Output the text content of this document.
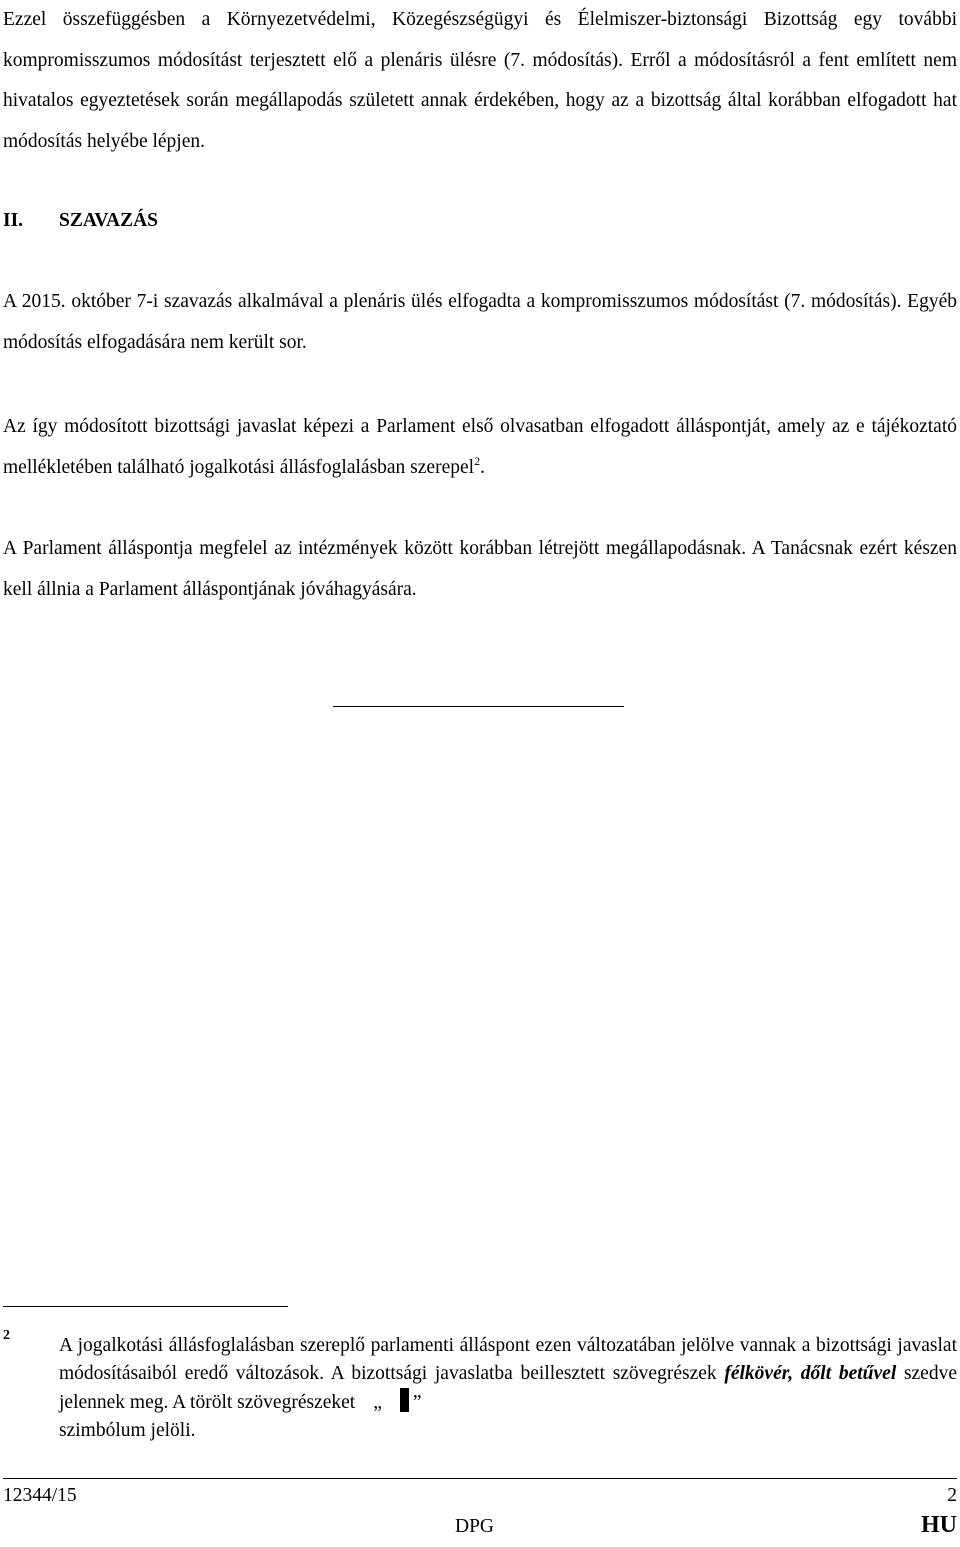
Ezzel összefüggésben a Környezetvédelmi, Közegészségügyi és Élelmiszer-biztonsági Bizottság egy további kompromisszumos módosítást terjesztett elő a plenáris ülésre (7. módosítás). Erről a módosításról a fent említett nem hivatalos egyeztetések során megállapodás született annak érdekében, hogy az a bizottság által korábban elfogadott hat módosítás helyébe lépjen.

II. SZAVAZÁS

A 2015. október 7-i szavazás alkalmával a plenáris ülés elfogadta a kompromisszumos módosítást (7. módosítás). Egyéb módosítás elfogadására nem került sor.

Az így módosított bizottsági javaslat képezi a Parlament első olvasatban elfogadott álláspontját, amely az e tájékoztató mellékletében található jogalkotási állásfoglalásban szerepel$^2$.

A Parlament álláspontja megfelel az intézmények között korábban létrejött megállapodásnak. A Tanácsnak ezért készen kell állnia a Parlament álláspontjának jóváhagyására.

2	A jogalkotási állásfoglalásban szereplő parlamenti álláspont ezen változatában jelölve vannak a bizottsági javaslat módosításaiból eredő változások. A bizottsági javaslatba beillesztett szövegrészek félkövér, dőlt betűvel szedve jelennek meg. A törölt szövegrészeket „ ”
szimbólum jelöli.

12344/15	2
DPG	HU
